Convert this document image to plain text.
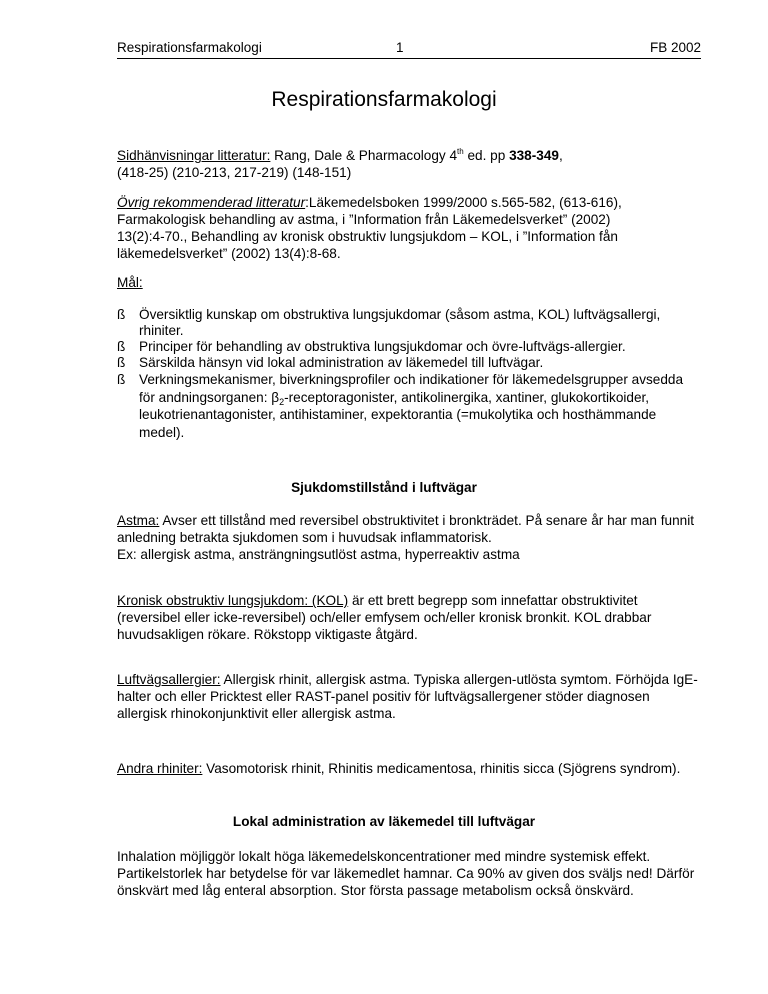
Respirationsfarmakologi	1	FB 2002
Respirationsfarmakologi
Sidhänvisningar litteratur: Rang, Dale & Pharmacology 4th ed. pp 338-349,
(418-25) (210-213, 217-219) (148-151)
Övrig rekommenderad litteratur:Läkemedelsboken 1999/2000 s.565-582, (613-616), Farmakologisk behandling av astma, i ”Information från Läkemedelsverket” (2002) 13(2):4-70., Behandling av kronisk obstruktiv lungsjukdom – KOL, i ”Information fån läkemedelsverket” (2002) 13(4):8-68.
Mål:
ß Översiktlig kunskap om obstruktiva lungsjukdomar (såsom astma, KOL) luftvägsallergi, rhiniter.
ß Principer för behandling av obstruktiva lungsjukdomar och övre-luftvägs-allergier.
ß Särskilda hänsyn vid lokal administration av läkemedel till luftvägar.
ß Verkningsmekanismer, biverkningsprofiler och indikationer för läkemedelsgrupper avsedda för andningsorganen: $\beta_2$-receptoragonister, antikolinergika, xantiner, glukokortikoider, leukotrienantagonister, antihistaminer, expektorantia (=mukolytika och hosthämmande medel).
Sjukdomstillstånd i luftvägar
Astma: Avser ett tillstånd med reversibel obstruktivitet i bronkträdet. På senare år har man funnit anledning betrakta sjukdomen som i huvudsak inflammatorisk.
Ex: allergisk astma, ansträngningsutlöst astma, hyperreaktiv astma
Kronisk obstruktiv lungsjukdom: (KOL) är ett brett begrepp som innefattar obstruktivitet (reversibel eller icke-reversibel) och/eller emfysem och/eller kronisk bronkit. KOL drabbar huvudsakligen rökare. Rökstopp viktigaste åtgärd.
Luftvägsallergier: Allergisk rhinit, allergisk astma. Typiska allergen-utlösta symtom. Förhöjda IgE-halter och eller Pricktest eller RAST-panel positiv för luftvägsallergener stöder diagnosen allergisk rhinokonjunktivit eller allergisk astma.
Andra rhiniter: Vasomotorisk rhinit, Rhinitis medicamentosa, rhinitis sicca (Sjögrens syndrom).
Lokal administration av läkemedel till luftvägar
Inhalation möjliggör lokalt höga läkemedelskoncentrationer med mindre systemisk effekt. Partikelstorlek har betydelse för var läkemedlet hamnar. Ca 90% av given dos sväljs ned! Därför önskvärt med låg enteral absorption. Stor första passage metabolism också önskvärd.
